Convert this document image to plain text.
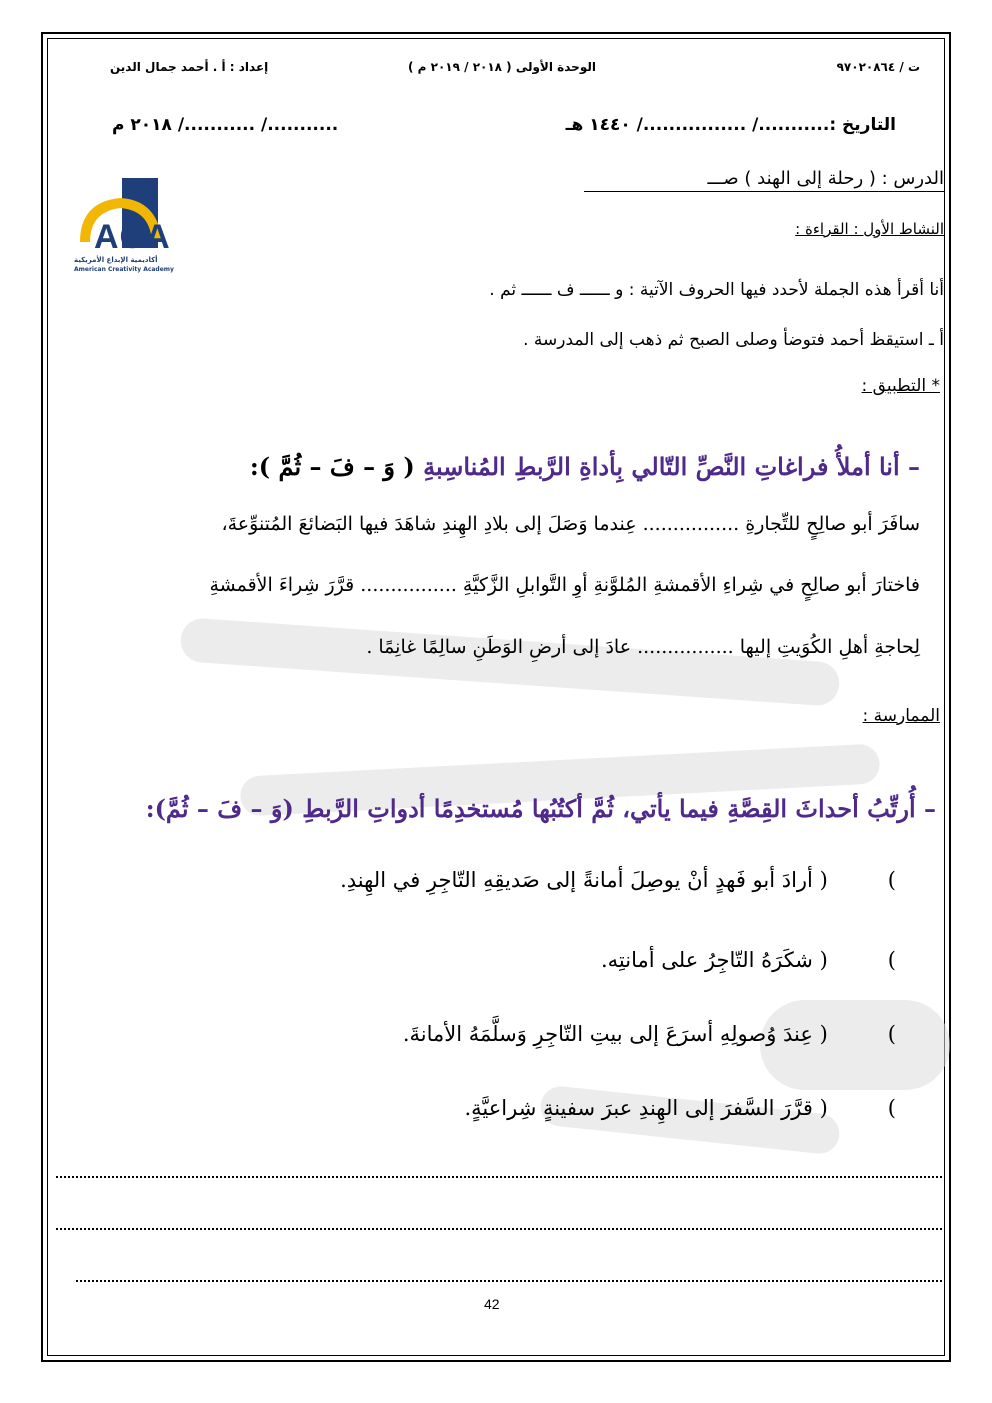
ت / ٩٧٠٢٠٨٦٤
الوحدة الأولى ( ٢٠١٨ / ٢٠١٩ م )
إعداد : أ . أحمد جمال الدين
التاريخ :.........../ ................/ ١٤٤٠ هـ
.........../ .........../ ٢٠١٨ م
الدرس : ( رحلة إلى الهند ) صـــ
ACA
أكاديمية الإبداع الأمريكية
American Creativity Academy
النشاط الأول : القراءة :
أنا أقرأ هذه الجملة لأحدد فيها الحروف الآتية : و ــــــ ف ــــــ ثم .
أ ـ استيقظ أحمد فتوضأ وصلى الصبح ثم ذهب إلى المدرسة .
* التطبيق :
– أنا أملأُ فراغاتِ النَّصِّ التّالي بِأداةِ الرَّبطِ المُناسِبةِ ( وَ – فَ – ثُمَّ ):
سافَرَ أبو صالِحٍ للتِّجارةِ ................ عِندما وَصَلَ إلى بلادِ الهِندِ شاهَدَ فيها البَضائعَ المُتنوِّعةَ،
فاختارَ أبو صالِحٍ في شِراءِ الأقمشةِ المُلوَّنةِ أوِ التَّوابلِ الزَّكيَّةِ ................ قرَّرَ شِراءَ الأقمشةِ
لِحاجةِ أهلِ الكُوَيتِ إليها ................ عادَ إلى أرضِ الوَطَنِ سالِمًا غانِمًا .
الممارسة :
– أُرتِّبُ أحداثَ القِصَّةِ فيما يأتي، ثُمَّ أكتُبُها مُستخدِمًا أدواتِ الرَّبطِ (وَ – فَ – ثُمَّ):
)( أرادَ أبو فَهدٍ أنْ يوصِلَ أمانةً إلى صَديقِهِ التّاجِرِ في الهِندِ.
)( شكَرَهُ التّاجِرُ على أمانتِه.
)( عِندَ وُصولِهِ أسرَعَ إلى بيتِ التّاجِرِ وَسلَّمَهُ الأمانةَ.
)( قرَّرَ السَّفرَ إلى الهِندِ عبرَ سفينةٍ شِراعيَّةٍ.
42
